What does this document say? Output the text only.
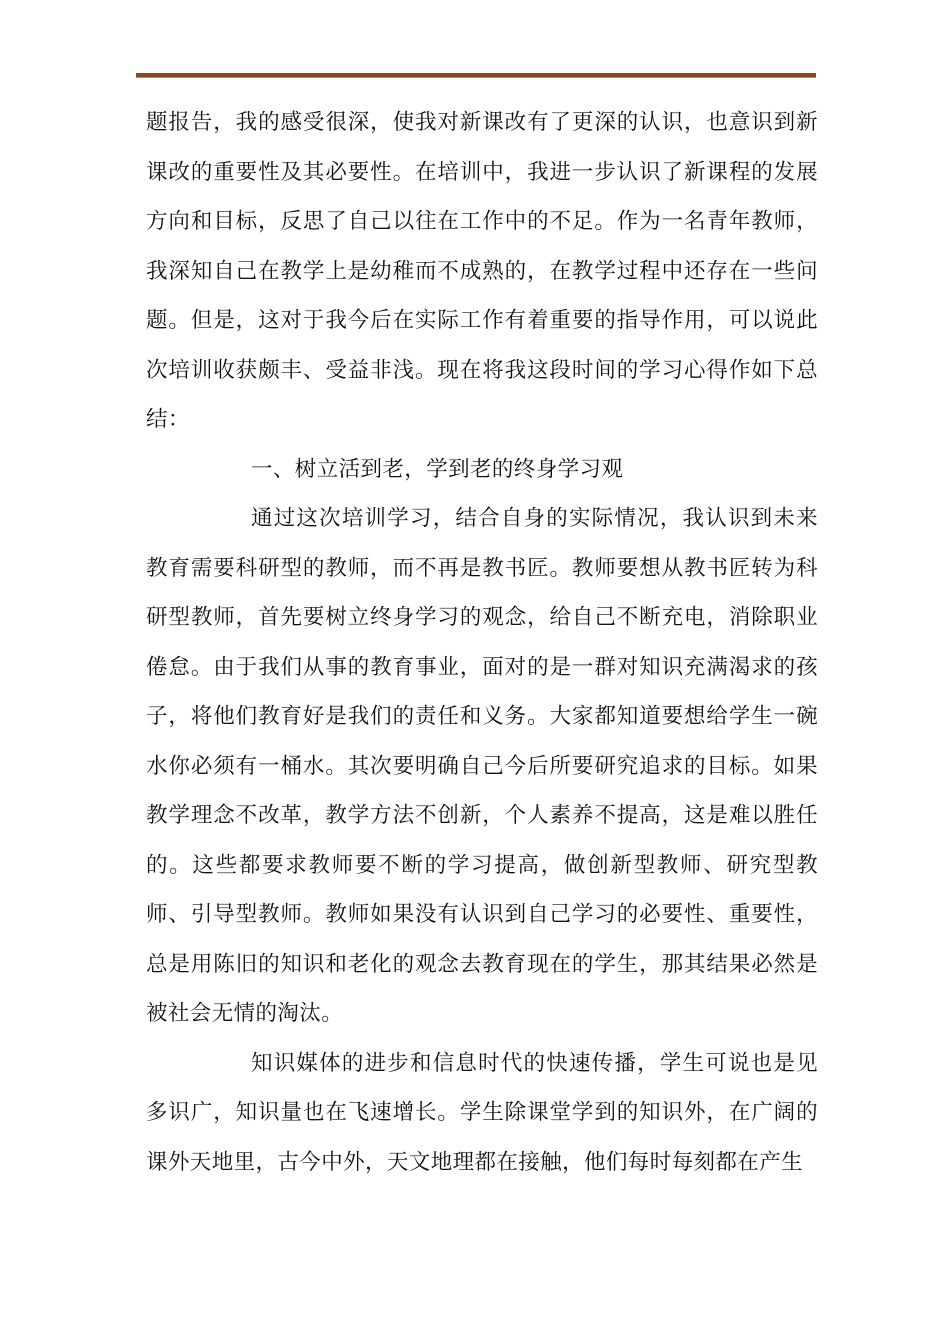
题报告，我的感受很深，使我对新课改有了更深的认识，也意识到新课改的重要性及其必要性。在培训中，我进一步认识了新课程的发展方向和目标，反思了自己以往在工作中的不足。作为一名青年教师，我深知自己在教学上是幼稚而不成熟的，在教学过程中还存在一些问题。但是，这对于我今后在实际工作有着重要的指导作用，可以说此次培训收获颇丰、受益非浅。现在将我这段时间的学习心得作如下总结：

一、树立活到老，学到老的终身学习观

通过这次培训学习，结合自身的实际情况，我认识到未来教育需要科研型的教师，而不再是教书匠。教师要想从教书匠转为科研型教师，首先要树立终身学习的观念，给自己不断充电，消除职业倦怠。由于我们从事的教育事业，面对的是一群对知识充满渴求的孩子，将他们教育好是我们的责任和义务。大家都知道要想给学生一碗水你必须有一桶水。其次要明确自己今后所要研究追求的目标。如果教学理念不改革，教学方法不创新，个人素养不提高，这是难以胜任的。这些都要求教师要不断的学习提高，做创新型教师、研究型教师、引导型教师。教师如果没有认识到自己学习的必要性、重要性，总是用陈旧的知识和老化的观念去教育现在的学生，那其结果必然是被社会无情的淘汰。

知识媒体的进步和信息时代的快速传播，学生可说也是见多识广，知识量也在飞速增长。学生除课堂学到的知识外，在广阔的课外天地里，古今中外，天文地理都在接触，他们每时每刻都在产生
